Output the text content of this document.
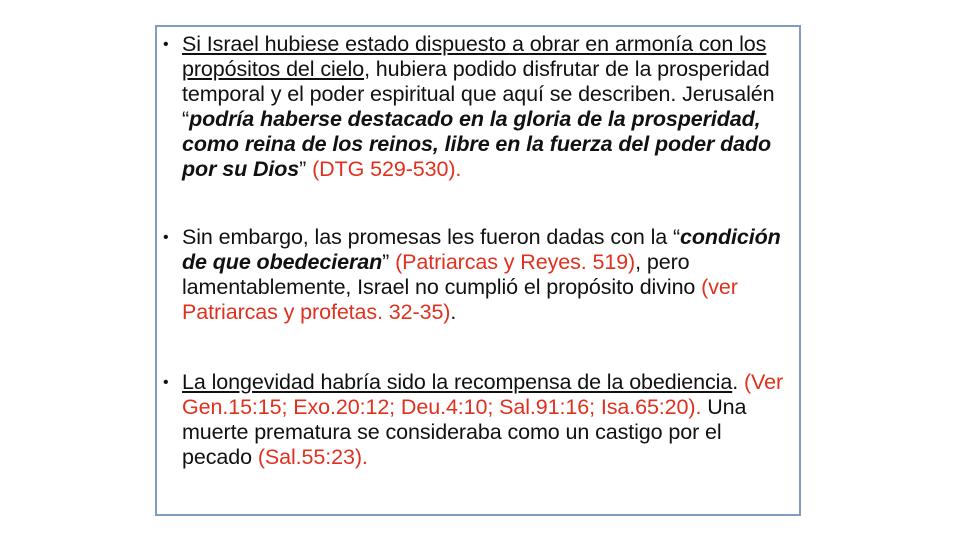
• Si Israel hubiese estado dispuesto a obrar en armonía con los propósitos del cielo, hubiera podido disfrutar de la prosperidad temporal y el poder espiritual que aquí se describen. Jerusalén “podría haberse destacado en la gloria de la prosperidad, como reina de los reinos, libre en la fuerza del poder dado por su Dios” (DTG 529-530).
• Sin embargo, las promesas les fueron dadas con la “condición de que obedecieran” (Patriarcas y Reyes. 519), pero lamentablemente, Israel no cumplió el propósito divino (ver Patriarcas y profetas. 32-35).
• La longevidad habría sido la recompensa de la obediencia. (Ver Gen.15:15; Exo.20:12; Deu.4:10; Sal.91:16; Isa.65:20). Una muerte prematura se consideraba como un castigo por el pecado (Sal.55:23).
